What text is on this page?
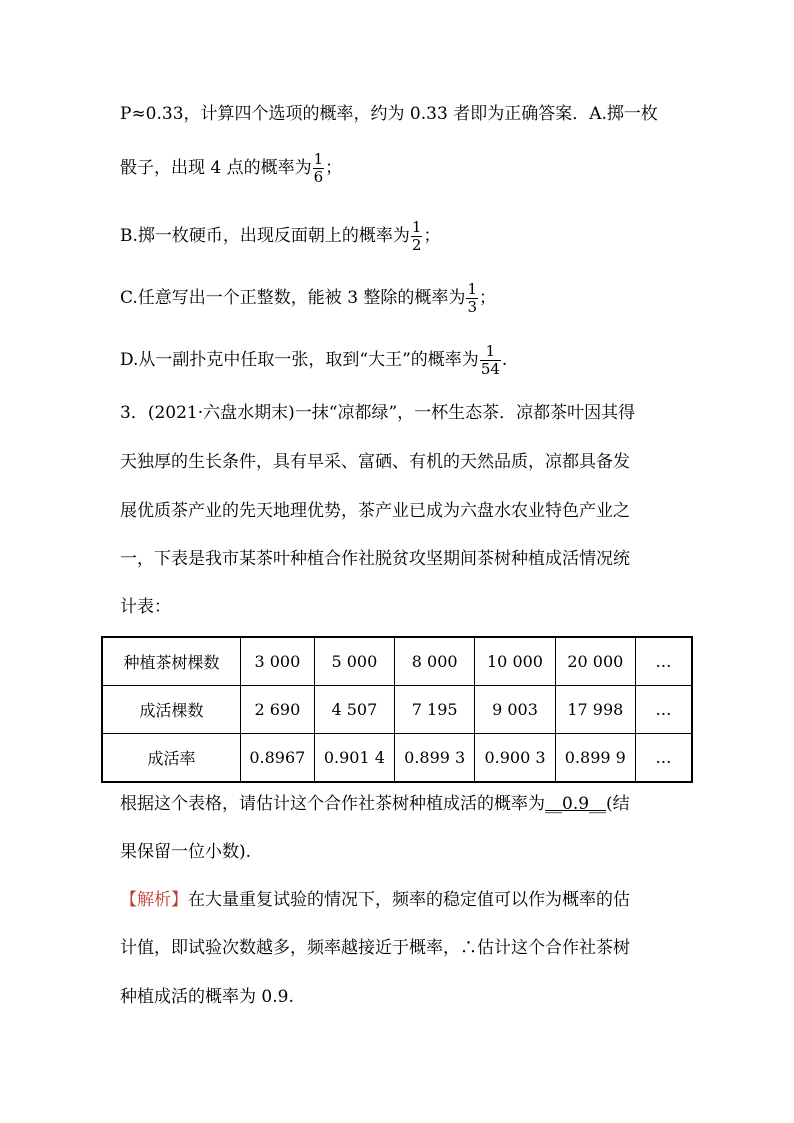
P≈0.33，计算四个选项的概率，约为 0.33 者即为正确答案．A.掷一枚
骰子，出现 4 点的概率为 $\frac{1}{6}$ ；
B.掷一枚硬币，出现反面朝上的概率为 $\frac{1}{2}$ ；
C.任意写出一个正整数，能被 3 整除的概率为 $\frac{1}{3}$ ；
D.从一副扑克中任取一张，取到“大王”的概率为 $\frac{1}{54}$ .
3．(2021·六盘水期末)一抹“凉都绿”，一杯生态茶．凉都茶叶因其得
天独厚的生长条件，具有早采、富硒、有机的天然品质，凉都具备发
展优质茶产业的先天地理优势，茶产业已成为六盘水农业特色产业之
一，下表是我市某茶叶种植合作社脱贫攻坚期间茶树种植成活情况统
计表：
种植茶树棵数	3 000	5 000	8 000	10 000	20 000	…
成活棵数	2 690	4 507	7 195	9 003	17 998	…
成活率	0.8967	0.901 4	0.899 3	0.900 3	0.899 9	…
根据这个表格，请估计这个合作社茶树种植成活的概率为__0.9__(结
果保留一位小数).
【解析】在大量重复试验的情况下，频率的稳定值可以作为概率的估
计值，即试验次数越多，频率越接近于概率，∴估计这个合作社茶树
种植成活的概率为 0.9.
